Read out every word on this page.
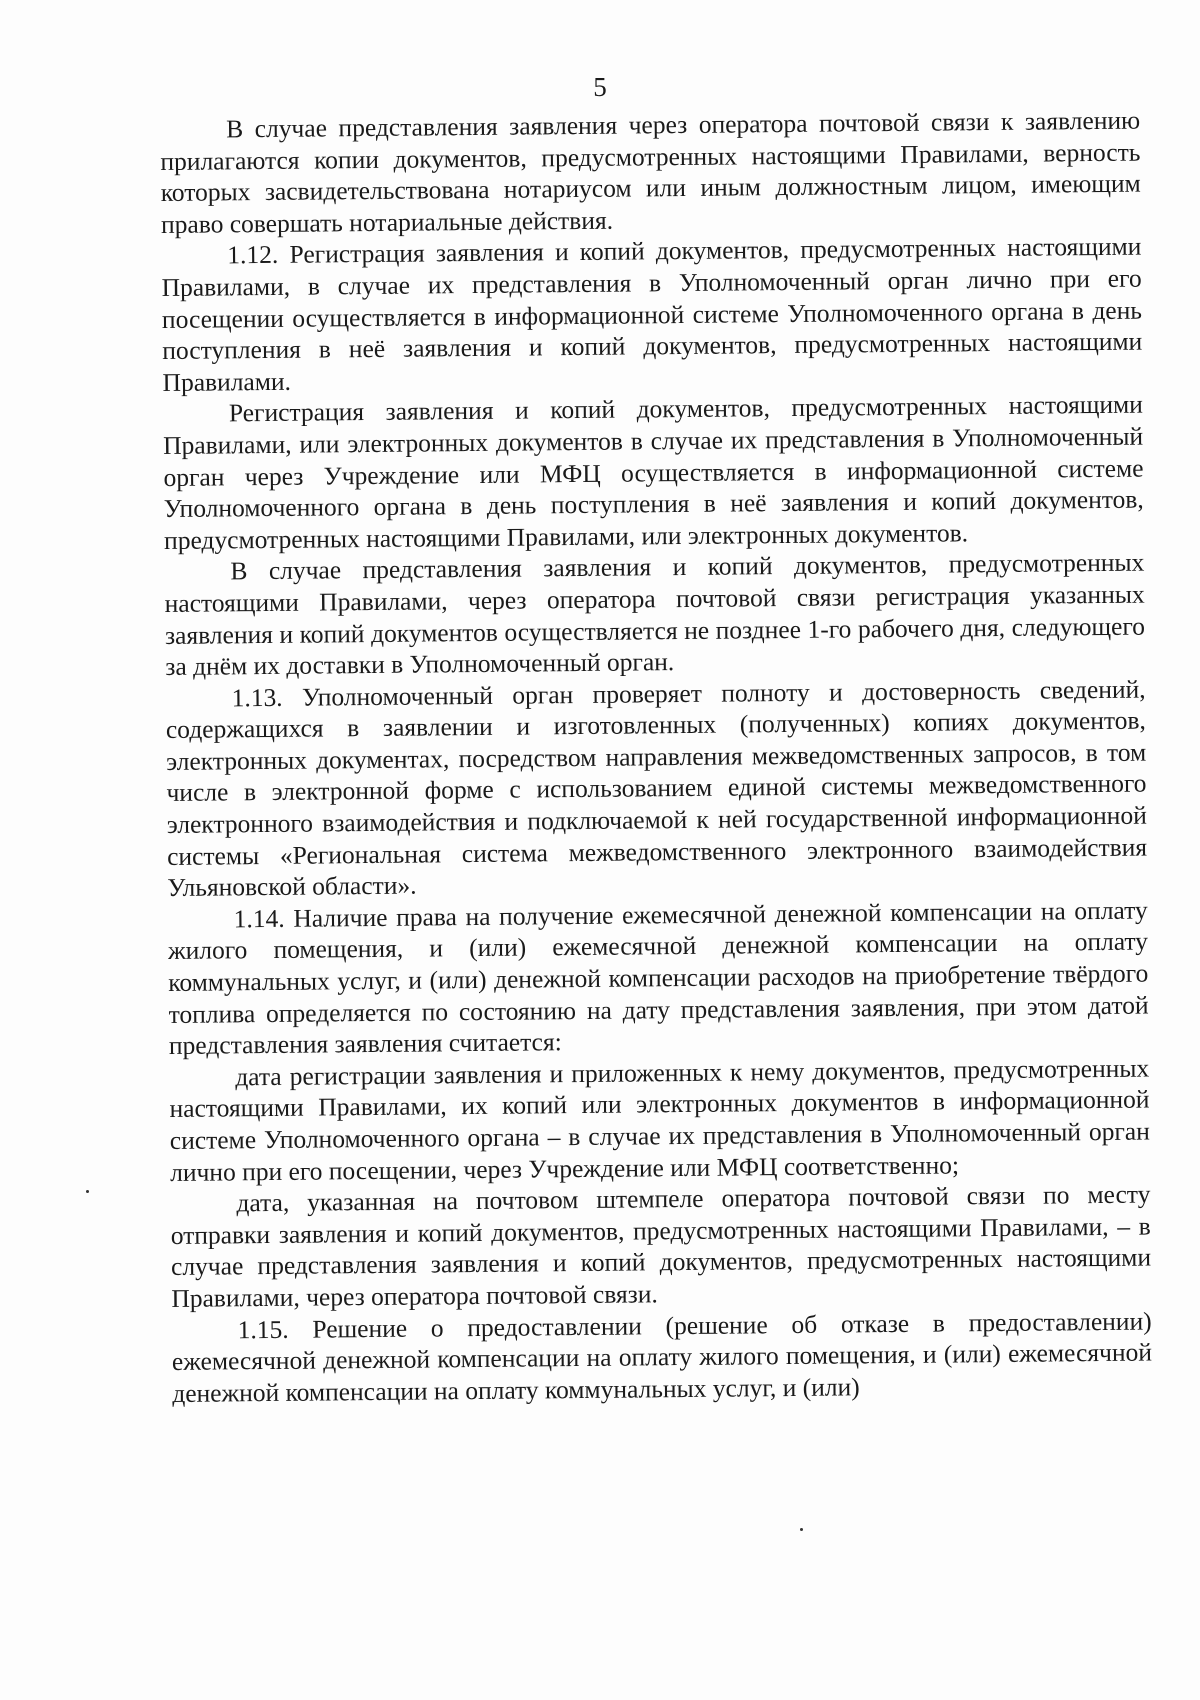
5

В случае представления заявления через оператора почтовой связи к заявлению прилагаются копии документов, предусмотренных настоящими Правилами, верность которых засвидетельствована нотариусом или иным должностным лицом, имеющим право совершать нотариальные действия.

1.12. Регистрация заявления и копий документов, предусмотренных настоящими Правилами, в случае их представления в Уполномоченный орган лично при его посещении осуществляется в информационной системе Уполномоченного органа в день поступления в неё заявления и копий документов, предусмотренных настоящими Правилами.

Регистрация заявления и копий документов, предусмотренных настоящими Правилами, или электронных документов в случае их представления в Уполномоченный орган через Учреждение или МФЦ осуществляется в информационной системе Уполномоченного органа в день поступления в неё заявления и копий документов, предусмотренных настоящими Правилами, или электронных документов.

В случае представления заявления и копий документов, предусмотренных настоящими Правилами, через оператора почтовой связи регистрация указанных заявления и копий документов осуществляется не позднее 1-го рабочего дня, следующего за днём их доставки в Уполномоченный орган.

1.13. Уполномоченный орган проверяет полноту и достоверность сведений, содержащихся в заявлении и изготовленных (полученных) копиях документов, электронных документах, посредством направления межведомственных запросов, в том числе в электронной форме с использованием единой системы межведомственного электронного взаимодействия и подключаемой к ней государственной информационной системы «Региональная система межведомственного электронного взаимодействия Ульяновской области».

1.14. Наличие права на получение ежемесячной денежной компенсации на оплату жилого помещения, и (или) ежемесячной денежной компенсации на оплату коммунальных услуг, и (или) денежной компенсации расходов на приобретение твёрдого топлива определяется по состоянию на дату представления заявления, при этом датой представления заявления считается:

дата регистрации заявления и приложенных к нему документов, предусмотренных настоящими Правилами, их копий или электронных документов в информационной системе Уполномоченного органа – в случае их представления в Уполномоченный орган лично при его посещении, через Учреждение или МФЦ соответственно;

дата, указанная на почтовом штемпеле оператора почтовой связи по месту отправки заявления и копий документов, предусмотренных настоящими Правилами, – в случае представления заявления и копий документов, предусмотренных настоящими Правилами, через оператора почтовой связи.

1.15. Решение о предоставлении (решение об отказе в предоставлении) ежемесячной денежной компенсации на оплату жилого помещения, и (или) ежемесячной денежной компенсации на оплату коммунальных услуг, и (или)
